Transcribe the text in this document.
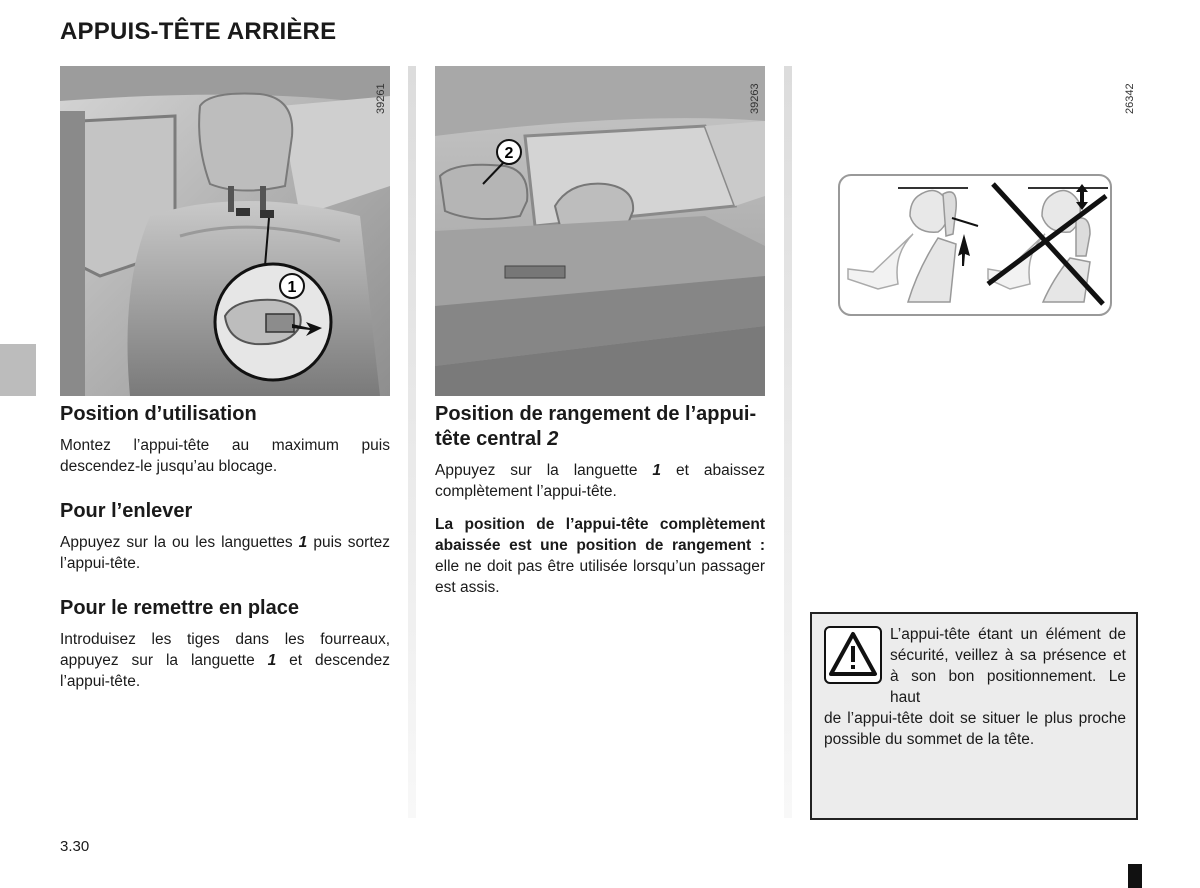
APPUIS-TÊTE ARRIÈRE
1
39261
2
39263	26342
Position d’utilisation

Montez l’appui-tête au maximum puis descendez-le jusqu’au blocage.

Pour l’enlever

Appuyez sur la ou les languettes 1 puis sortez l’appui-tête.

Pour le remettre en place

Introduisez les tiges dans les fourreaux, appuyez sur la languette 1 et descendez l’appui-tête.

Position de rangement de l’appui-tête central 2

Appuyez sur la languette 1 et abaissez complètement l’appui-tête.

La position de l’appui-tête complètement abaissée est une position de rangement : elle ne doit pas être utilisée lorsqu’un passager est assis.

L’appui-tête étant un élément de sécurité, veillez à sa présence et à son bon positionnement. Le haut

de l’appui-tête doit se situer le plus proche possible du sommet de la tête.

3.30
